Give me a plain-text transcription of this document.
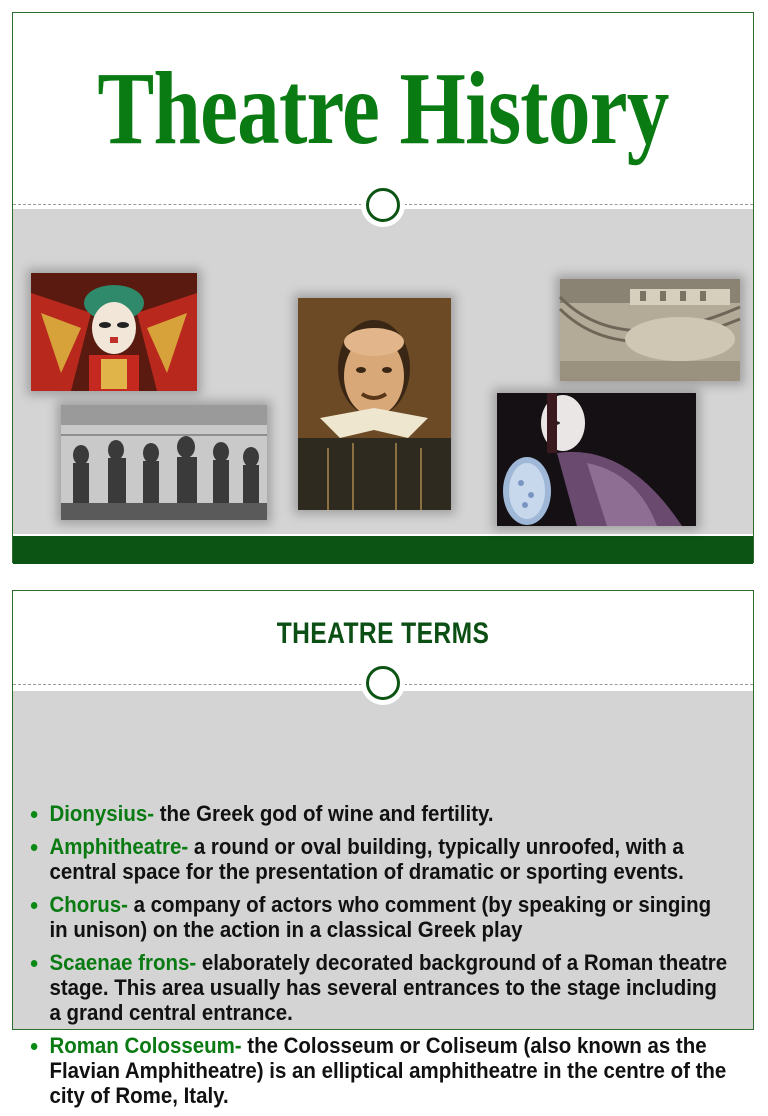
Theatre History
THEATRE TERMS
Dionysius- the Greek god of wine and fertility.
Amphitheatre- a round or oval building, typically unroofed, with a central space for the presentation of dramatic or sporting events.
Chorus- a company of actors who comment (by speaking or singing in unison) on the action in a classical Greek play
Scaenae frons- elaborately decorated background of a Roman theatre stage. This area usually has several entrances to the stage including a grand central entrance.
Roman Colosseum- the Colosseum or Coliseum (also known as the Flavian Amphitheatre) is an elliptical amphitheatre in the centre of the city of Rome, Italy.
